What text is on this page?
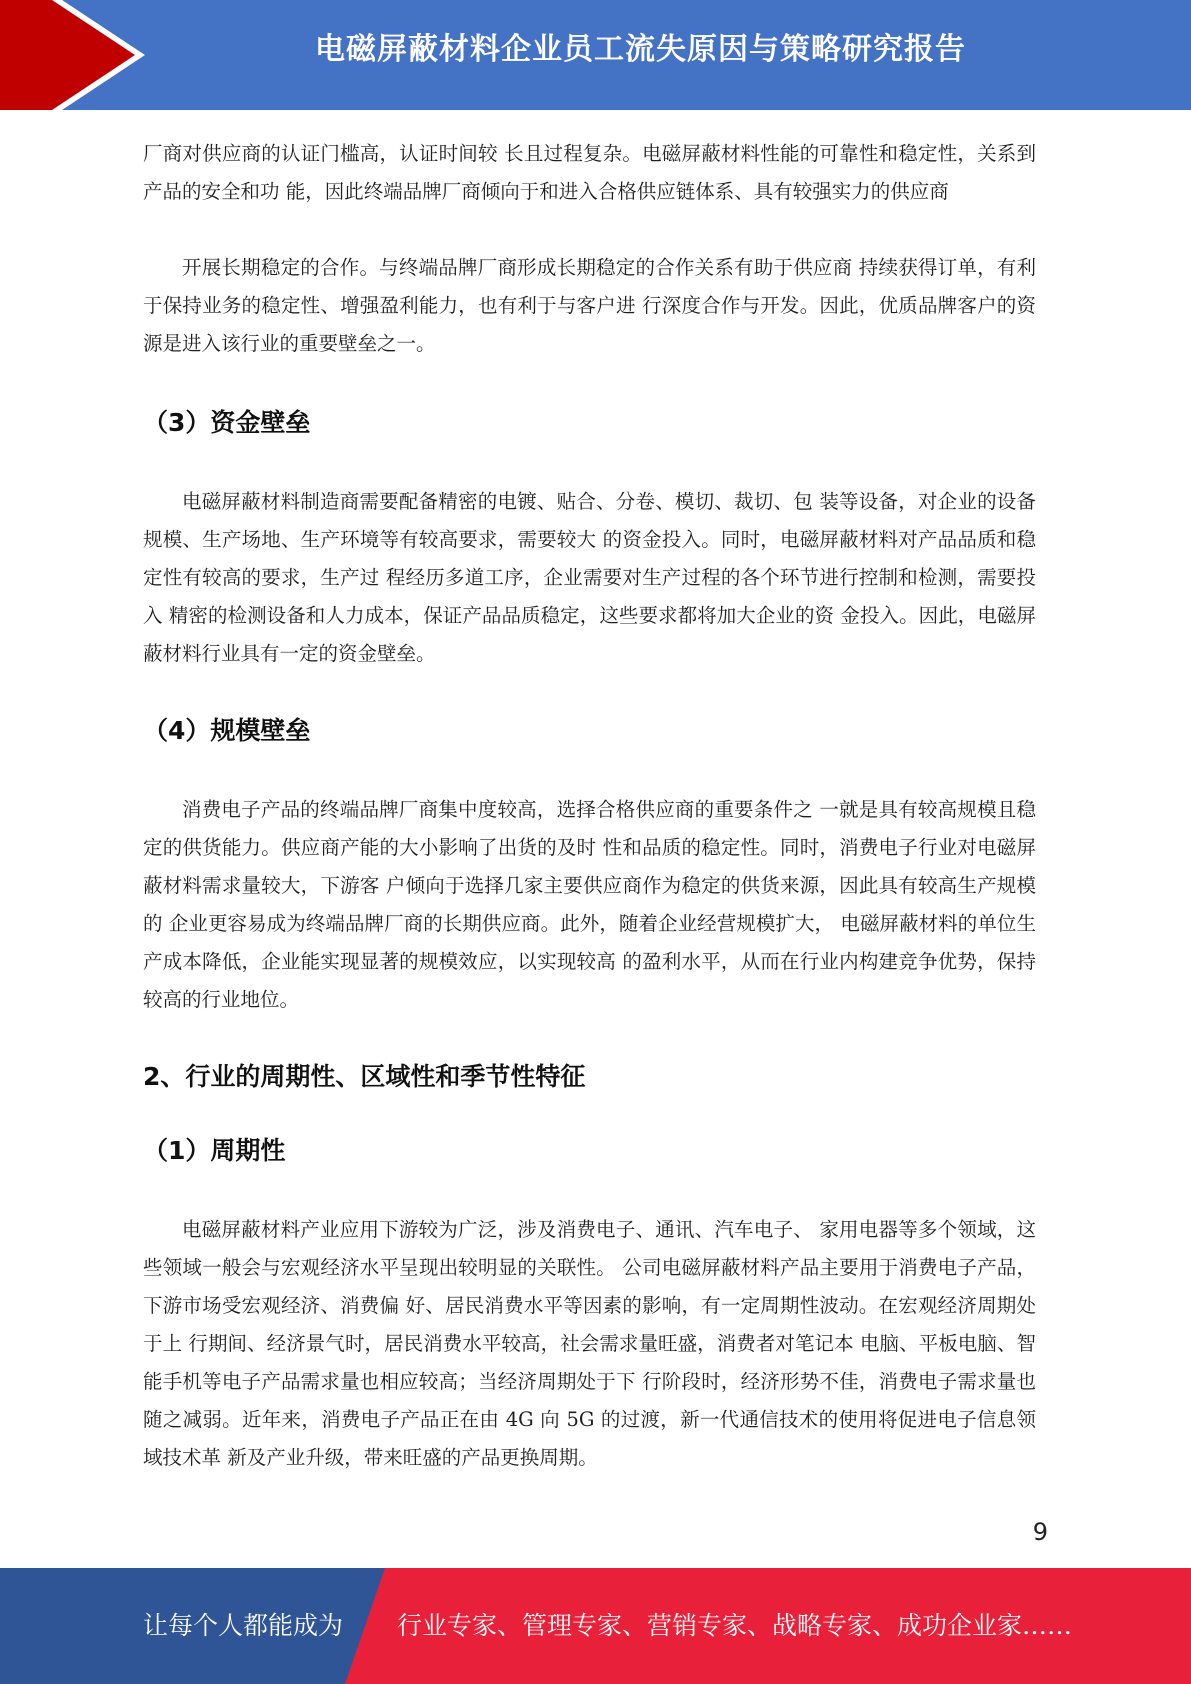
电磁屏蔽材料企业员工流失原因与策略研究报告

厂商对供应商的认证门槛高，认证时间较 长且过程复杂。电磁屏蔽材料性能的可靠性和稳定性，关系到产品的安全和功 能，因此终端品牌厂商倾向于和进入合格供应链体系、具有较强实力的供应商

开展长期稳定的合作。与终端品牌厂商形成长期稳定的合作关系有助于供应商 持续获得订单，有利于保持业务的稳定性、增强盈利能力，也有利于与客户进 行深度合作与开发。因此，优质品牌客户的资源是进入该行业的重要壁垒之一。

（3）资金壁垒

电磁屏蔽材料制造商需要配备精密的电镀、贴合、分卷、模切、裁切、包 装等设备，对企业的设备规模、生产场地、生产环境等有较高要求，需要较大 的资金投入。同时，电磁屏蔽材料对产品品质和稳定性有较高的要求，生产过 程经历多道工序，企业需要对生产过程的各个环节进行控制和检测，需要投入 精密的检测设备和人力成本，保证产品品质稳定，这些要求都将加大企业的资 金投入。因此，电磁屏蔽材料行业具有一定的资金壁垒。

（4）规模壁垒

消费电子产品的终端品牌厂商集中度较高，选择合格供应商的重要条件之 一就是具有较高规模且稳定的供货能力。供应商产能的大小影响了出货的及时 性和品质的稳定性。同时，消费电子行业对电磁屏蔽材料需求量较大，下游客 户倾向于选择几家主要供应商作为稳定的供货来源，因此具有较高生产规模的 企业更容易成为终端品牌厂商的长期供应商。此外，随着企业经营规模扩大， 电磁屏蔽材料的单位生产成本降低，企业能实现显著的规模效应，以实现较高 的盈利水平，从而在行业内构建竞争优势，保持较高的行业地位。

2、行业的周期性、区域性和季节性特征
（1）周期性

电磁屏蔽材料产业应用下游较为广泛，涉及消费电子、通讯、汽车电子、 家用电器等多个领域，这些领域一般会与宏观经济水平呈现出较明显的关联性。 公司电磁屏蔽材料产品主要用于消费电子产品，下游市场受宏观经济、消费偏 好、居民消费水平等因素的影响，有一定周期性波动。在宏观经济周期处于上 行期间、经济景气时，居民消费水平较高，社会需求量旺盛，消费者对笔记本 电脑、平板电脑、智能手机等电子产品需求量也相应较高；当经济周期处于下 行阶段时，经济形势不佳，消费电子需求量也随之减弱。近年来，消费电子产品正在由 4G 向 5G 的过渡，新一代通信技术的使用将促进电子信息领域技术革 新及产业升级，带来旺盛的产品更换周期。

9
让每个人都能成为 行业专家、管理专家、营销专家、战略专家、成功企业家……
